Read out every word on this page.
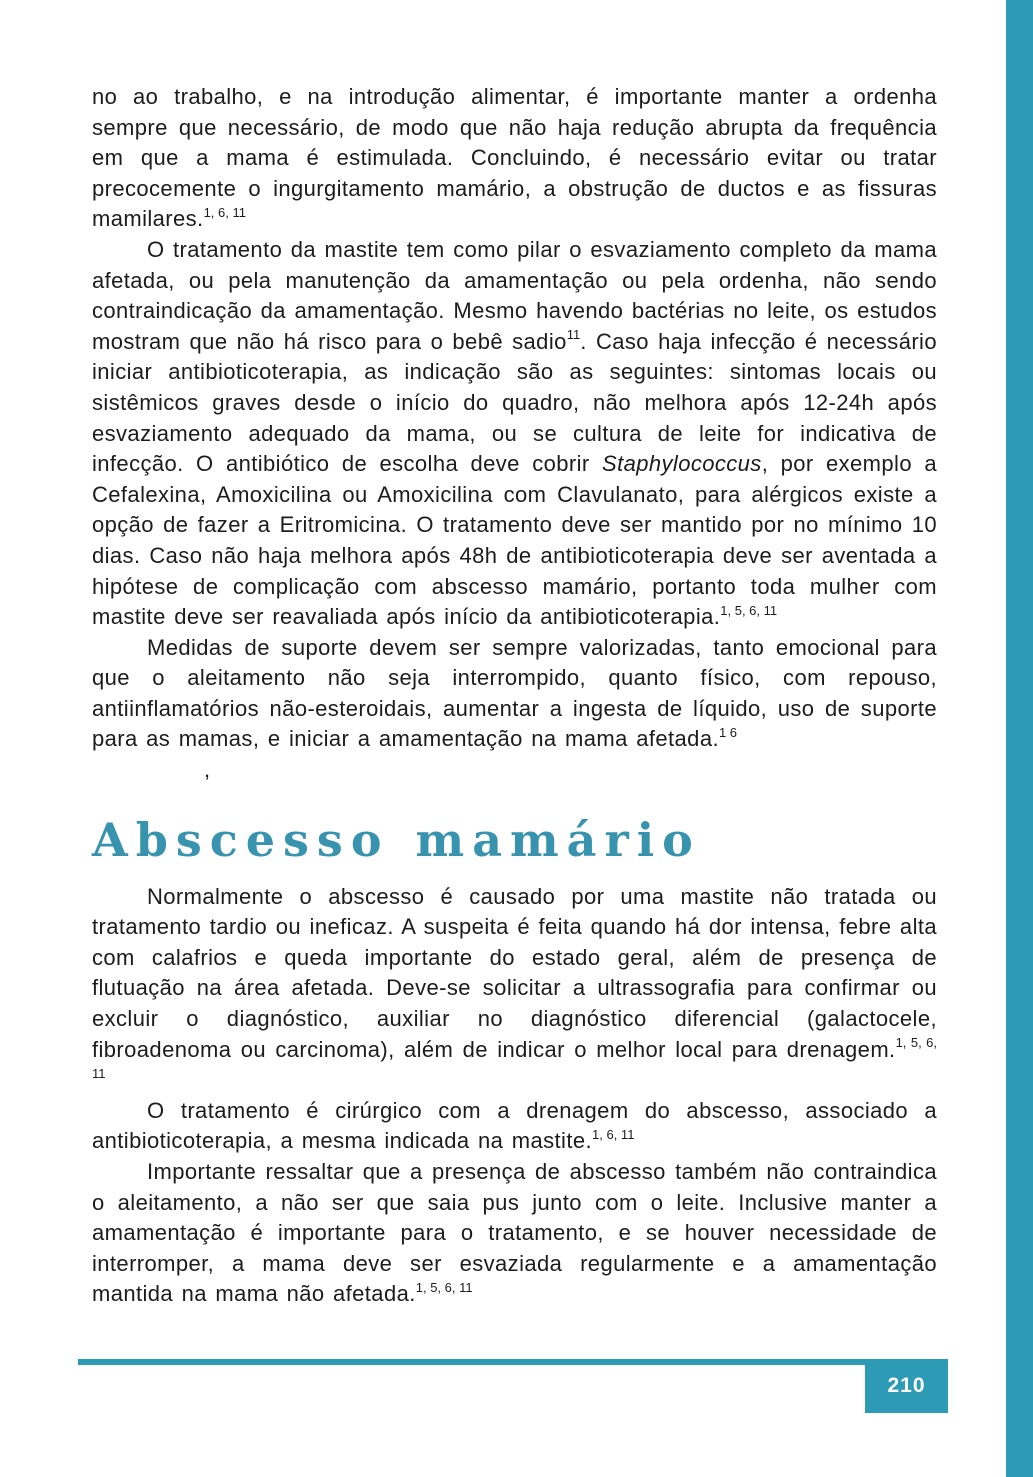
no ao trabalho, e na introdução alimentar, é importante manter a ordenha sempre que necessário, de modo que não haja redução abrupta da frequência em que a mama é estimulada. Concluindo, é necessário evitar ou tratar precocemente o ingurgitamento mamário, a obstrução de ductos e as fissuras mamilares.$^{1, 6, 11}$

O tratamento da mastite tem como pilar o esvaziamento completo da mama afetada, ou pela manutenção da amamentação ou pela ordenha, não sendo contraindicação da amamentação. Mesmo havendo bactérias no leite, os estudos mostram que não há risco para o bebê sadio$^{11}$. Caso haja infecção é necessário iniciar antibioticoterapia, as indicação são as seguintes: sintomas locais ou sistêmicos graves desde o início do quadro, não melhora após 12-24h após esvaziamento adequado da mama, ou se cultura de leite for indicativa de infecção. O antibiótico de escolha deve cobrir Staphylococcus, por exemplo a Cefalexina, Amoxicilina ou Amoxicilina com Clavulanato, para alérgicos existe a opção de fazer a Eritromicina. O tratamento deve ser mantido por no mínimo 10 dias. Caso não haja melhora após 48h de antibioticoterapia deve ser aventada a hipótese de complicação com abscesso mamário, portanto toda mulher com mastite deve ser reavaliada após início da antibioticoterapia.$^{1, 5, 6, 11}$

Medidas de suporte devem ser sempre valorizadas, tanto emocional para que o aleitamento não seja interrompido, quanto físico, com repouso, antiinflamatórios não-esteroidais, aumentar a ingesta de líquido, uso de suporte para as mamas, e iniciar a amamentação na mama afetada.$^{1 6}$

,

Abscesso mamário

Normalmente o abscesso é causado por uma mastite não tratada ou tratamento tardio ou ineficaz. A suspeita é feita quando há dor intensa, febre alta com calafrios e queda importante do estado geral, além de presença de flutuação na área afetada. Deve-se solicitar a ultrassografia para confirmar ou excluir o diagnóstico, auxiliar no diagnóstico diferencial (galactocele, fibroadenoma ou carcinoma), além de indicar o melhor local para drenagem.$^{1, 5, 6, 11}$

O tratamento é cirúrgico com a drenagem do abscesso, associado a antibioticoterapia, a mesma indicada na mastite.$^{1, 6, 11}$

Importante ressaltar que a presença de abscesso também não contraindica o aleitamento, a não ser que saia pus junto com o leite. Inclusive manter a amamentação é importante para o tratamento, e se houver necessidade de interromper, a mama deve ser esvaziada regularmente e a amamentação mantida na mama não afetada.$^{1, 5, 6, 11}$

210
